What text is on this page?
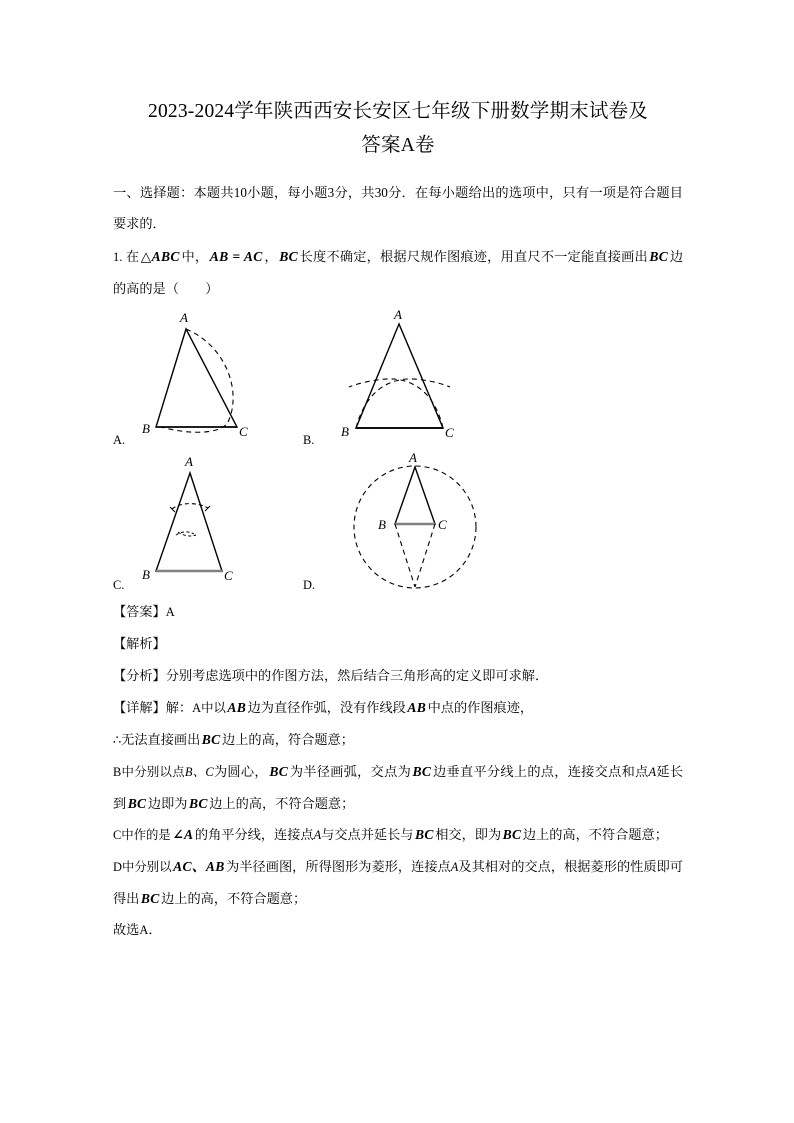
2023-2024学年陕西西安长安区七年级下册数学期末试卷及
答案A卷

一、选择题：本题共10小题，每小题3分，共30分．在每小题给出的选项中，只有一项是符合题目要求的．

1. 在 △ABC 中， AB = AC ， BC 长度不确定，根据尺规作图痕迹，用直尺不一定能直接画出 BC 边的高的是（　　）

A.
A
B	C
B.
A
B	C
C.
A
B	C
D.
A
B	C

【答案】A

【解析】

【分析】分别考虑选项中的作图方法，然后结合三角形高的定义即可求解．

【详解】解：A中以 AB 边为直径作弧，没有作线段 AB 中点的作图痕迹，

∴无法直接画出 BC 边上的高，符合题意；

B中分别以点B、C为圆心， BC 为半径画弧，交点为 BC 边垂直平分线上的点，连接交点和点A延长到 BC 边即为 BC 边上的高，不符合题意；

C中作的是 ∠A 的角平分线，连接点A与交点并延长与 BC 相交，即为 BC 边上的高，不符合题意；

D中分别以 AC、AB 为半径画图，所得图形为菱形，连接点A及其相对的交点，根据菱形的性质即可得出 BC 边上的高，不符合题意；

故选A．
